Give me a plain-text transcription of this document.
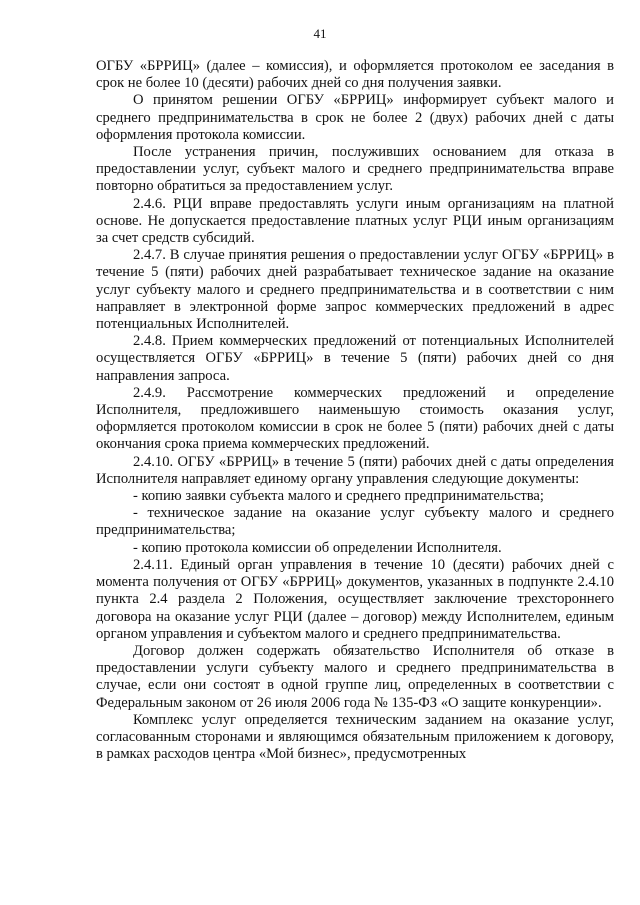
41

ОГБУ «БРРИЦ» (далее – комиссия), и оформляется протоколом ее заседания в срок не более 10 (десяти) рабочих дней со дня получения заявки.

О принятом решении ОГБУ «БРРИЦ» информирует субъект малого и среднего предпринимательства в срок не более 2 (двух) рабочих дней с даты оформления протокола комиссии.

После устранения причин, послуживших основанием для отказа в предоставлении услуг, субъект малого и среднего предпринимательства вправе повторно обратиться за предоставлением услуг.

2.4.6. РЦИ вправе предоставлять услуги иным организациям на платной основе. Не допускается предоставление платных услуг РЦИ иным организациям за счет средств субсидий.

2.4.7. В случае принятия решения о предоставлении услуг ОГБУ «БРРИЦ» в течение 5 (пяти) рабочих дней разрабатывает техническое задание на оказание услуг субъекту малого и среднего предпринимательства и в соответствии с ним направляет в электронной форме запрос коммерческих предложений в адрес потенциальных Исполнителей.

2.4.8. Прием коммерческих предложений от потенциальных Исполнителей осуществляется ОГБУ «БРРИЦ» в течение 5 (пяти) рабочих дней со дня направления запроса.

2.4.9. Рассмотрение коммерческих предложений и определение Исполнителя, предложившего наименьшую стоимость оказания услуг, оформляется протоколом комиссии в срок не более 5 (пяти) рабочих дней с даты окончания срока приема коммерческих предложений.

2.4.10. ОГБУ «БРРИЦ» в течение 5 (пяти) рабочих дней с даты определения Исполнителя направляет единому органу управления следующие документы:

- копию заявки субъекта малого и среднего предпринимательства;

- техническое задание на оказание услуг субъекту малого и среднего предпринимательства;

- копию протокола комиссии об определении Исполнителя.

2.4.11. Единый орган управления в течение 10 (десяти) рабочих дней с момента получения от ОГБУ «БРРИЦ» документов, указанных в подпункте 2.4.10 пункта 2.4 раздела 2 Положения, осуществляет заключение трехстороннего договора на оказание услуг РЦИ (далее – договор) между Исполнителем, единым органом управления и субъектом малого и среднего предпринимательства.

Договор должен содержать обязательство Исполнителя об отказе в предоставлении услуги субъекту малого и среднего предпринимательства в случае, если они состоят в одной группе лиц, определенных в соответствии с Федеральным законом от 26 июля 2006 года № 135-ФЗ «О защите конкуренции».

Комплекс услуг определяется техническим заданием на оказание услуг, согласованным сторонами и являющимся обязательным приложением к договору, в рамках расходов центра «Мой бизнес», предусмотренных
